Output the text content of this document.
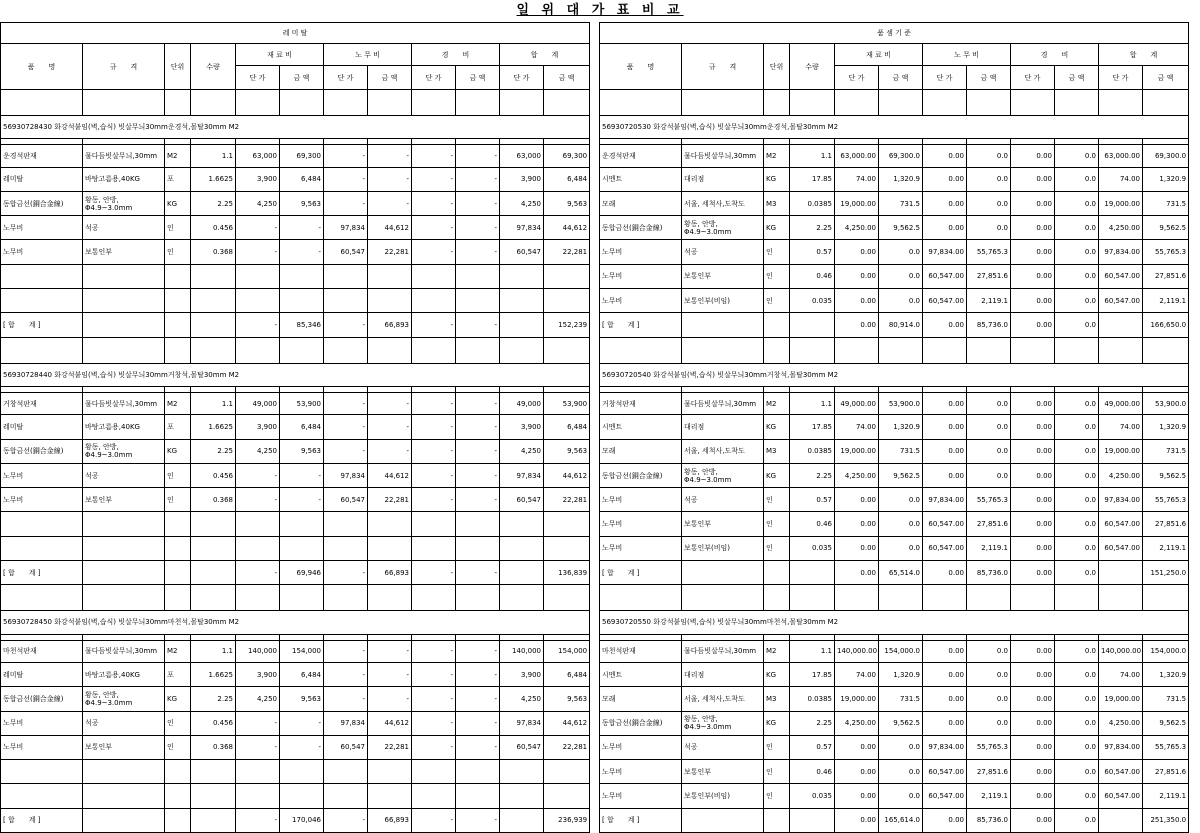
일 위 대 가 표 비 교
레 미 탈											
품　　명	규　　격	단위	수량	재 료 비		노 무 비		경　　비		합　　계	
				단 가	금 액	단 가	금 액	단 가	금 액	단 가	금 액

56930728430 화강석붙임(벽,습식) 빗살무늬30mm운경석,몰탈30mm M2											

운경석판재	물다듬빗살무늬,30mm	M2	1.1	63,000	69,300	-	-	-	-	63,000	69,300
레미탈	바탕고름용,40KG	포	1.6625	3,900	6,484	-	-	-	-	3,900	6,484
동합금선(銅合金線)	황동, 안방, Φ4.9~3.0mm	KG	2.25	4,250	9,563	-	-	-	-	4,250	9,563
노무비	석공	인	0.456	-	-	97,834	44,612	-	-	97,834	44,612
노무비	보통인부	인	0.368	-	-	60,547	22,281	-	-	60,547	22,281

[ 합　　계 ]				-	85,346	-	66,893	-	-		152,239

56930728440 화강석붙임(벽,습식) 빗살무늬30mm거창석,몰탈30mm M2											

거창석판재	물다듬빗살무늬,30mm	M2	1.1	49,000	53,900	-	-	-	-	49,000	53,900
레미탈	바탕고름용,40KG	포	1.6625	3,900	6,484	-	-	-	-	3,900	6,484
동합금선(銅合金線)	황동, 안방, Φ4.9~3.0mm	KG	2.25	4,250	9,563	-	-	-	-	4,250	9,563
노무비	석공	인	0.456	-	-	97,834	44,612	-	-	97,834	44,612
노무비	보통인부	인	0.368	-	-	60,547	22,281	-	-	60,547	22,281

[ 합　　계 ]				-	69,946	-	66,893	-	-		136,839

56930728450 화강석붙임(벽,습식) 빗살무늬30mm마천석,몰탈30mm M2											

마천석판재	물다듬빗살무늬,30mm	M2	1.1	140,000	154,000	-	-	-	-	140,000	154,000
레미탈	바탕고름용,40KG	포	1.6625	3,900	6,484	-	-	-	-	3,900	6,484
동합금선(銅合金線)	황동, 안방, Φ4.9~3.0mm	KG	2.25	4,250	9,563	-	-	-	-	4,250	9,563
노무비	석공	인	0.456	-	-	97,834	44,612	-	-	97,834	44,612
노무비	보통인부	인	0.368	-	-	60,547	22,281	-	-	60,547	22,281

[ 합　　계 ]				-	170,046	-	66,893	-	-		236,939
품 셈 기 준											
품　　명	규　　격	단위	수량	재 료 비		노 무 비		경　　비		합　　계	
				단 가	금 액	단 가	금 액	단 가	금 액	단 가	금 액

56930720530 화강석붙임(벽,습식) 빗살무늬30mm운경석,몰탈30mm M2											

운경석판재	물다듬빗살무늬,30mm	M2	1.1	63,000.00	69,300.0	0.00	0.0	0.00	0.0	63,000.00	69,300.0
시멘트	대리점	KG	17.85	74.00	1,320.9	0.00	0.0	0.00	0.0	74.00	1,320.9
모래	서울, 세척사,도착도	M3	0.0385	19,000.00	731.5	0.00	0.0	0.00	0.0	19,000.00	731.5
동합금선(銅合金線)	황동, 안방, Φ4.9~3.0mm	KG	2.25	4,250.00	9,562.5	0.00	0.0	0.00	0.0	4,250.00	9,562.5
노무비	석공	인	0.57	0.00	0.0	97,834.00	55,765.3	0.00	0.0	97,834.00	55,765.3
노무비	보통인부	인	0.46	0.00	0.0	60,547.00	27,851.6	0.00	0.0	60,547.00	27,851.6
노무비	보통인부(비임)	인	0.035	0.00	0.0	60,547.00	2,119.1	0.00	0.0	60,547.00	2,119.1
[ 합　　계 ]				0.00	80,914.0	0.00	85,736.0	0.00	0.0		166,650.0

56930720540 화강석붙임(벽,습식) 빗살무늬30mm거창석,몰탈30mm M2											

거창석판재	물다듬빗살무늬,30mm	M2	1.1	49,000.00	53,900.0	0.00	0.0	0.00	0.0	49,000.00	53,900.0
시멘트	대리점	KG	17.85	74.00	1,320.9	0.00	0.0	0.00	0.0	74.00	1,320.9
모래	서울, 세척사,도착도	M3	0.0385	19,000.00	731.5	0.00	0.0	0.00	0.0	19,000.00	731.5
동합금선(銅合金線)	황동, 안방, Φ4.9~3.0mm	KG	2.25	4,250.00	9,562.5	0.00	0.0	0.00	0.0	4,250.00	9,562.5
노무비	석공	인	0.57	0.00	0.0	97,834.00	55,765.3	0.00	0.0	97,834.00	55,765.3
노무비	보통인부	인	0.46	0.00	0.0	60,547.00	27,851.6	0.00	0.0	60,547.00	27,851.6
노무비	보통인부(비임)	인	0.035	0.00	0.0	60,547.00	2,119.1	0.00	0.0	60,547.00	2,119.1
[ 합　　계 ]				0.00	65,514.0	0.00	85,736.0	0.00	0.0		151,250.0

56930720550 화강석붙임(벽,습식) 빗살무늬30mm마천석,몰탈30mm M2											

마천석판재	물다듬빗살무늬,30mm	M2	1.1	140,000.00	154,000.0	0.00	0.0	0.00	0.0	140,000.00	154,000.0
시멘트	대리점	KG	17.85	74.00	1,320.9	0.00	0.0	0.00	0.0	74.00	1,320.9
모래	서울, 세척사,도착도	M3	0.0385	19,000.00	731.5	0.00	0.0	0.00	0.0	19,000.00	731.5
동합금선(銅合金線)	황동, 안방, Φ4.9~3.0mm	KG	2.25	4,250.00	9,562.5	0.00	0.0	0.00	0.0	4,250.00	9,562.5
노무비	석공	인	0.57	0.00	0.0	97,834.00	55,765.3	0.00	0.0	97,834.00	55,765.3
노무비	보통인부	인	0.46	0.00	0.0	60,547.00	27,851.6	0.00	0.0	60,547.00	27,851.6
노무비	보통인부(비임)	인	0.035	0.00	0.0	60,547.00	2,119.1	0.00	0.0	60,547.00	2,119.1
[ 합　　계 ]				0.00	165,614.0	0.00	85,736.0	0.00	0.0		251,350.0
